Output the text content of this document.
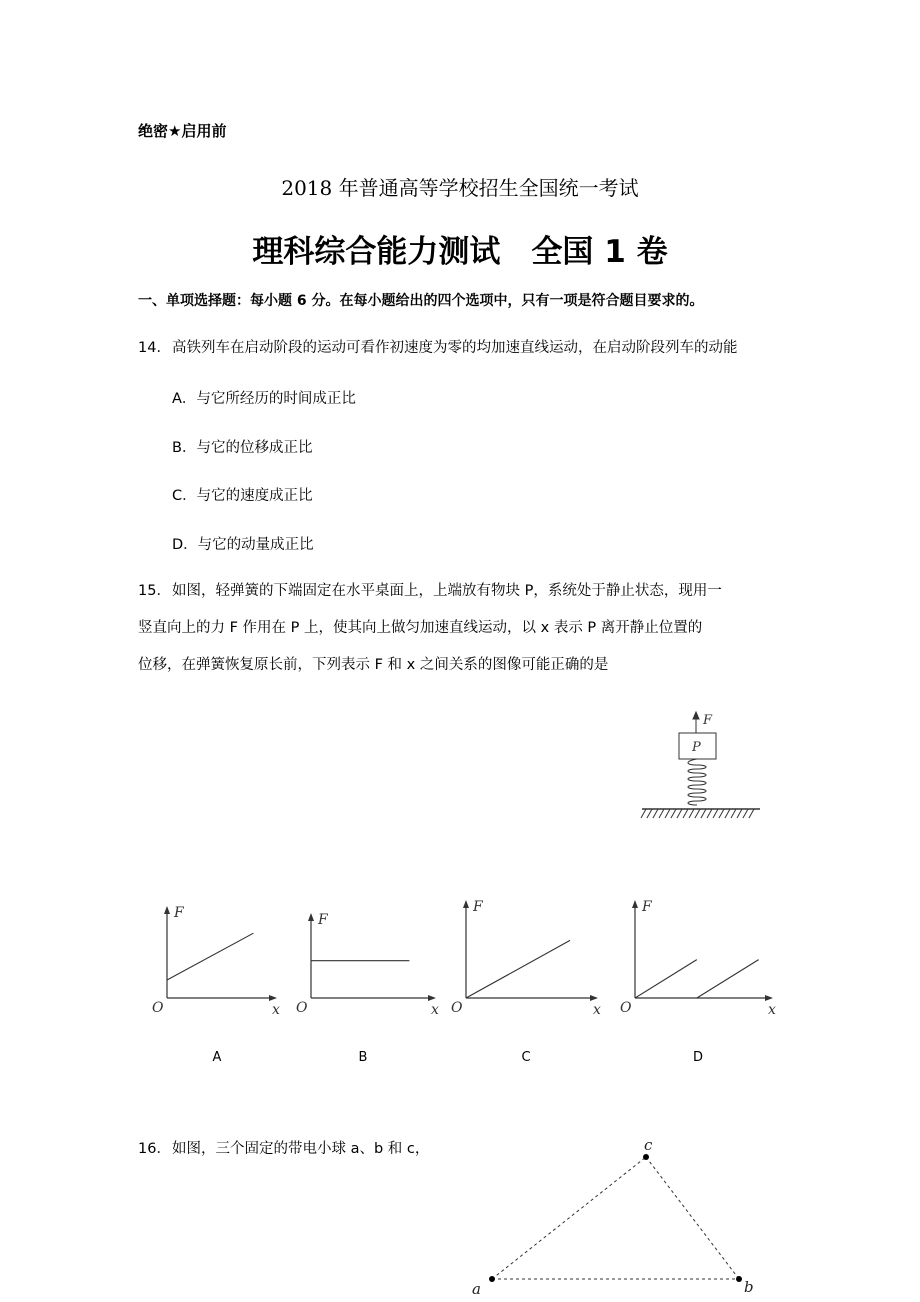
绝密★启用前
2018 年普通高等学校招生全国统一考试
理科综合能力测试　全国 1 卷
一、单项选择题：每小题 6 分。在每小题给出的四个选项中，只有一项是符合题目要求的。
14．高铁列车在启动阶段的运动可看作初速度为零的均加速直线运动，在启动阶段列车的动能
A．与它所经历的时间成正比
B．与它的位移成正比
C．与它的速度成正比
D．与它的动量成正比
15．如图，轻弹簧的下端固定在水平桌面上，上端放有物块 P，系统处于静止状态，现用一
竖直向上的力 F 作用在 P 上，使其向上做匀加速直线运动，以 x 表示 P 离开静止位置的
位移，在弹簧恢复原长前，下列表示 F 和 x 之间关系的图像可能正确的是
F
P
F
x
O
A
F
x
O
B
F
x
O
C
F
x
O
D
a	b
c
16．如图，三个固定的带电小球 a、b 和 c，
